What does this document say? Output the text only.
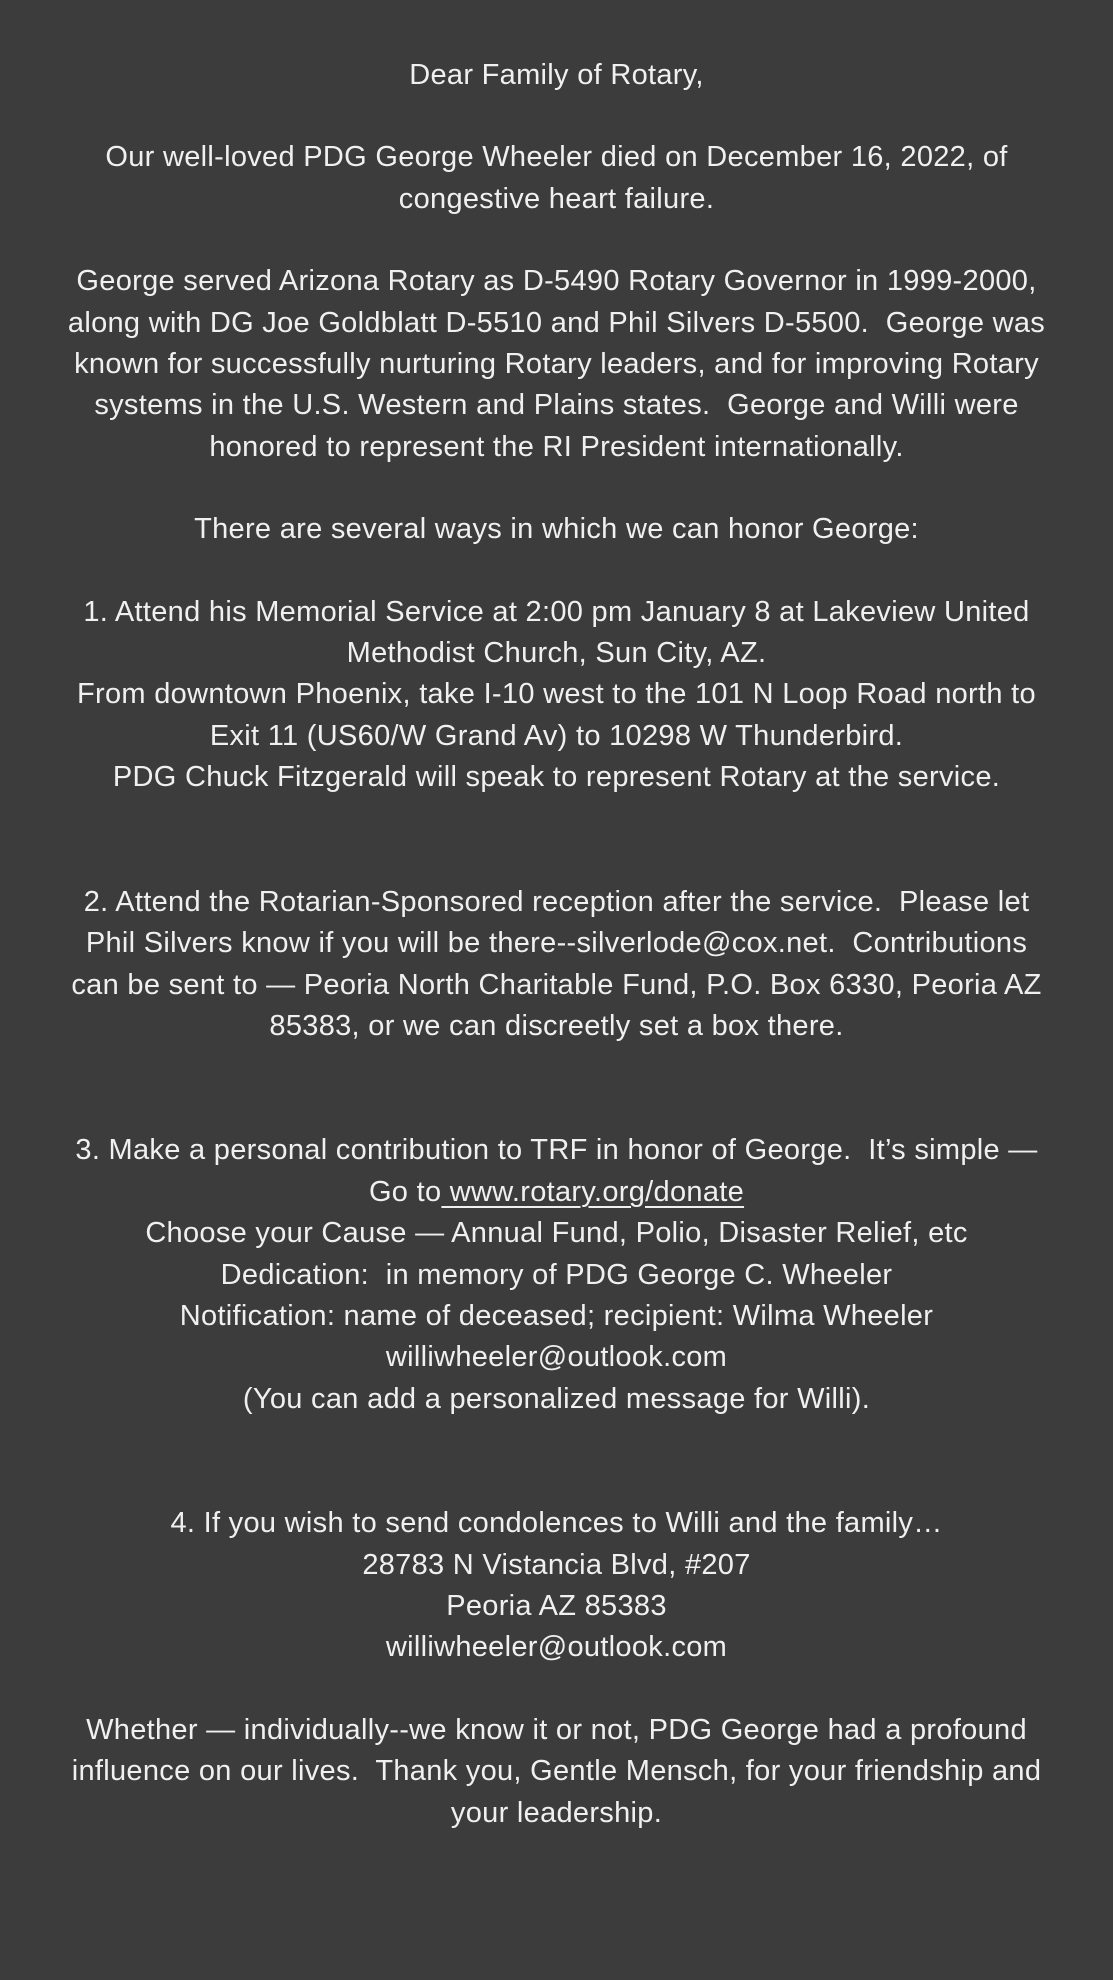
Dear Family of Rotary,
Our well-loved PDG George Wheeler died on December 16, 2022, of
congestive heart failure.
George served Arizona Rotary as D-5490 Rotary Governor in 1999-2000,
along with DG Joe Goldblatt D-5510 and Phil Silvers D-5500.  George was
known for successfully nurturing Rotary leaders, and for improving Rotary
systems in the U.S. Western and Plains states.  George and Willi were
honored to represent the RI President internationally.
There are several ways in which we can honor George:
1. Attend his Memorial Service at 2:00 pm January 8 at Lakeview United
Methodist Church, Sun City, AZ.
From downtown Phoenix, take I-10 west to the 101 N Loop Road north to
Exit 11 (US60/W Grand Av) to 10298 W Thunderbird.
PDG Chuck Fitzgerald will speak to represent Rotary at the service.
2. Attend the Rotarian-Sponsored reception after the service.  Please let
Phil Silvers know if you will be there--silverlode@cox.net.  Contributions
can be sent to — Peoria North Charitable Fund, P.O. Box 6330, Peoria AZ
85383, or we can discreetly set a box there.
3. Make a personal contribution to TRF in honor of George.  It’s simple —
Go to www.rotary.org/donate
Choose your Cause — Annual Fund, Polio, Disaster Relief, etc
Dedication:  in memory of PDG George C. Wheeler
Notification: name of deceased; recipient: Wilma Wheeler
williwheeler@outlook.com
(You can add a personalized message for Willi).
4. If you wish to send condolences to Willi and the family…
28783 N Vistancia Blvd, #207
Peoria AZ 85383
williwheeler@outlook.com
Whether — individually--we know it or not, PDG George had a profound
influence on our lives.  Thank you, Gentle Mensch, for your friendship and
your leadership.
